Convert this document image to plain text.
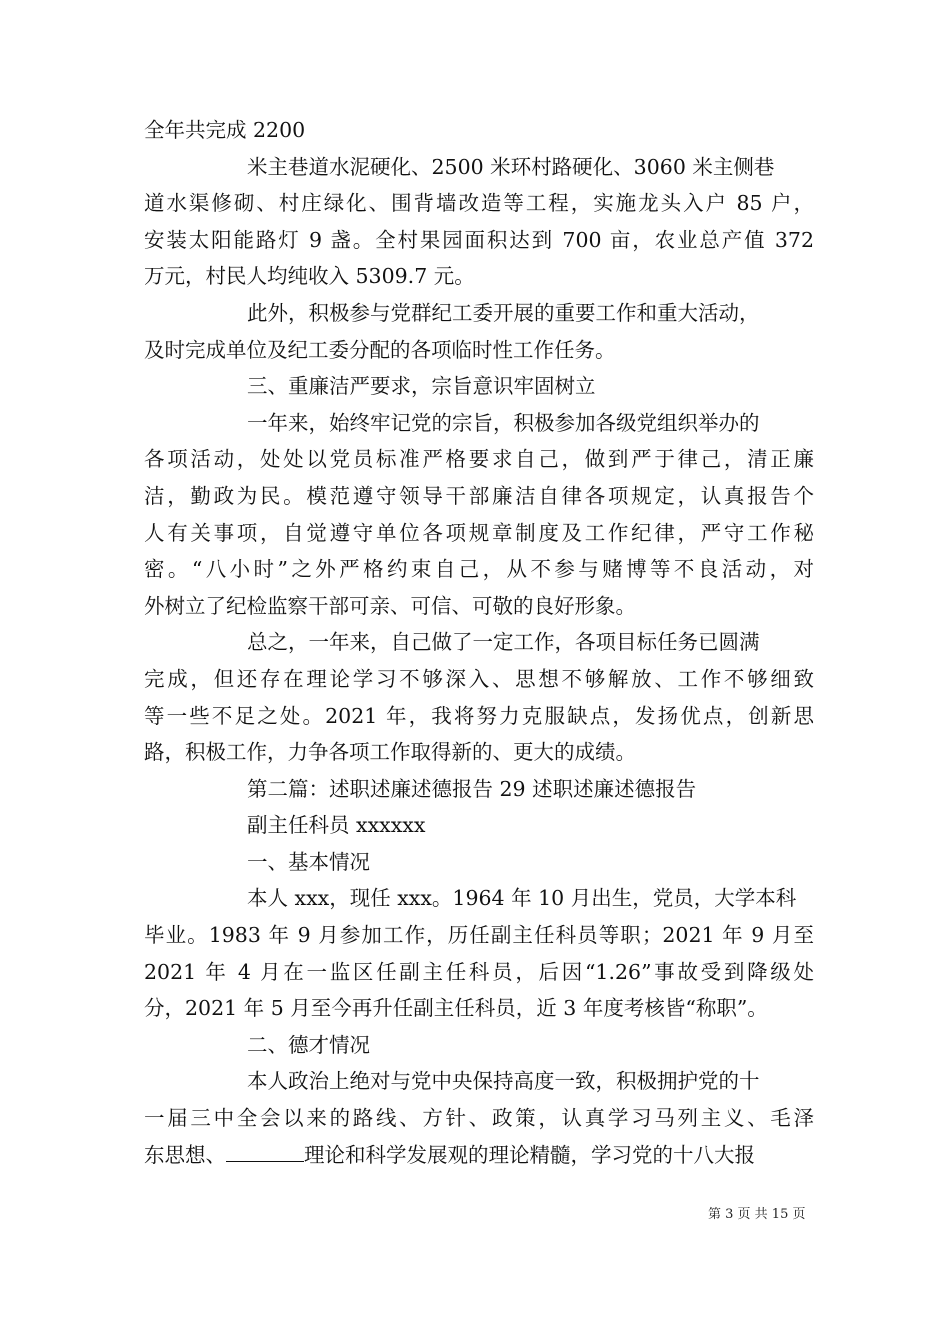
全年共完成 2200
米主巷道水泥硬化、2500 米环村路硬化、3060 米主侧巷
道水渠修砌、村庄绿化、围背墙改造等工程，实施龙头入户 85 户，
安装太阳能路灯 9 盏。全村果园面积达到 700 亩，农业总产值 372
万元，村民人均纯收入 5309.7 元。
此外，积极参与党群纪工委开展的重要工作和重大活动，
及时完成单位及纪工委分配的各项临时性工作任务。
三、重廉洁严要求，宗旨意识牢固树立
一年来，始终牢记党的宗旨，积极参加各级党组织举办的
各项活动，处处以党员标准严格要求自己，做到严于律己，清正廉
洁，勤政为民。模范遵守领导干部廉洁自律各项规定，认真报告个
人有关事项，自觉遵守单位各项规章制度及工作纪律，严守工作秘
密。“八小时”之外严格约束自己，从不参与赌博等不良活动，对
外树立了纪检监察干部可亲、可信、可敬的良好形象。
总之，一年来，自己做了一定工作，各项目标任务已圆满
完成，但还存在理论学习不够深入、思想不够解放、工作不够细致
等一些不足之处。2021 年，我将努力克服缺点，发扬优点，创新思
路，积极工作，力争各项工作取得新的、更大的成绩。
第二篇：述职述廉述德报告 29 述职述廉述德报告
副主任科员 xxxxxx
一、基本情况
本人 xxx，现任 xxx。1964 年 10 月出生，党员，大学本科
毕业。1983 年 9 月参加工作，历任副主任科员等职；2021 年 9 月至
2021 年 4 月在一监区任副主任科员，后因“1.26”事故受到降级处
分，2021 年 5 月至今再升任副主任科员，近 3 年度考核皆“称职”。
二、德才情况
本人政治上绝对与党中央保持高度一致，积极拥护党的十
一届三中全会以来的路线、方针、政策，认真学习马列主义、毛泽
东思想、	理论和科学发展观的理论精髓，学习党的十八大报
第 3 页 共 15 页
